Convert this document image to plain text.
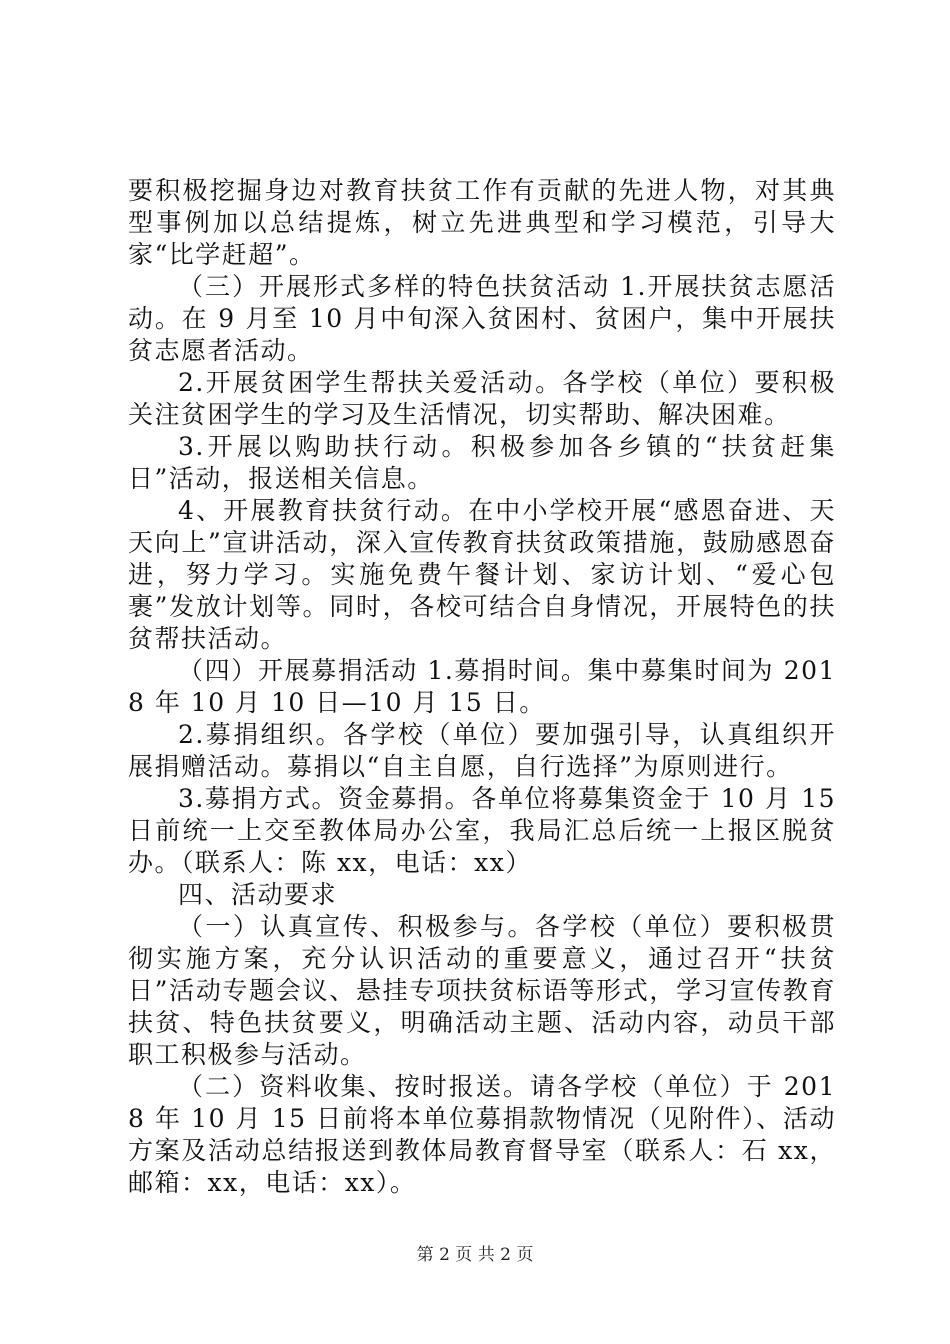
要积极挖掘身边对教育扶贫工作有贡献的先进人物，对其典型事例加以总结提炼，树立先进典型和学习模范，引导大家“比学赶超”。

（三）开展形式多样的特色扶贫活动 1.开展扶贫志愿活动。在 9 月至 10 月中旬深入贫困村、贫困户，集中开展扶贫志愿者活动。

2.开展贫困学生帮扶关爱活动。各学校（单位）要积极关注贫困学生的学习及生活情况，切实帮助、解决困难。

3.开展以购助扶行动。积极参加各乡镇的“扶贫赶集日”活动，报送相关信息。

4、开展教育扶贫行动。在中小学校开展“感恩奋进、天天向上”宣讲活动，深入宣传教育扶贫政策措施，鼓励感恩奋进，努力学习。实施免费午餐计划、家访计划、“爱心包裹”发放计划等。同时，各校可结合自身情况，开展特色的扶贫帮扶活动。

（四）开展募捐活动 1.募捐时间。集中募集时间为 2018 年 10 月 10 日—10 月 15 日。

2.募捐组织。各学校（单位）要加强引导，认真组织开展捐赠活动。募捐以“自主自愿，自行选择”为原则进行。

3.募捐方式。资金募捐。各单位将募集资金于 10 月 15 日前统一上交至教体局办公室，我局汇总后统一上报区脱贫办。（联系人：陈 xx，电话：xx）

四、活动要求

（一）认真宣传、积极参与。各学校（单位）要积极贯彻实施方案，充分认识活动的重要意义，通过召开“扶贫日”活动专题会议、悬挂专项扶贫标语等形式，学习宣传教育扶贫、特色扶贫要义，明确活动主题、活动内容，动员干部职工积极参与活动。

（二）资料收集、按时报送。请各学校（单位）于 2018 年 10 月 15 日前将本单位募捐款物情况（见附件）、活动方案及活动总结报送到教体局教育督导室（联系人：石 xx，邮箱：xx，电话：xx）。

第 2 页 共 2 页
